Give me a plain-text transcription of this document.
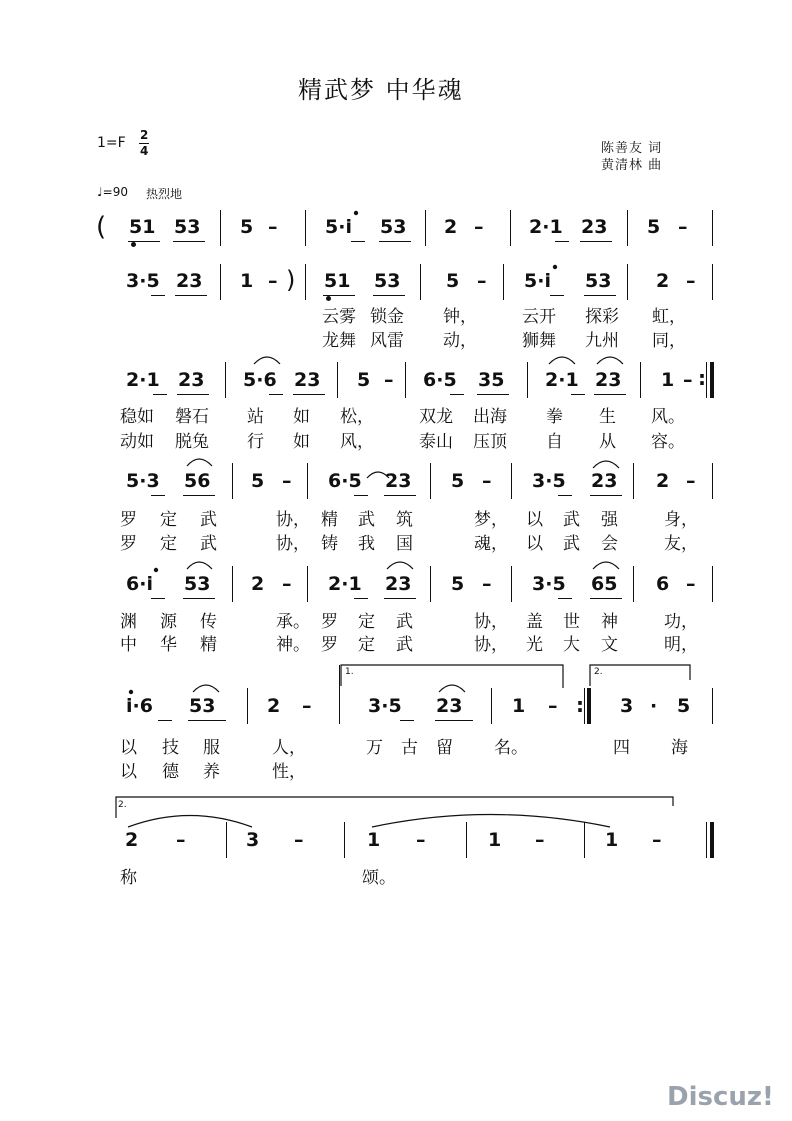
精武梦 中华魂
1=F 2
4	陈善友 词
黄清林 曲
♩=90 热烈地
( 51 53 5 –	5·i 53 2 – 2·1 23 5 –
3·5 23 1 – ) 51 53 5 – 5·i 53 2 –
云雾 锁金 钟，	云开 探彩 虹，
龙舞 风雷 动，	狮舞 九州 同，
2·1 23 5·6 23 5 – 6·5 35 2·1 23 1 – :
稳如 磐石 站 如 松，	双龙 出海 拳 生 风。
动如 脱兔 行 如 风，	泰山 压顶 自 从 容。
5·3 56 5 – 6·5 23 5 – 3·5 23 2 –
罗 定 武	协， 精 武 筑	梦， 以 武 强	身，
罗 定 武	协， 铸 我 国	魂， 以 武 会	友，
6·i 53 2 – 2·1 23 5 – 3·5 65 6 –
渊 源 传	承。 罗 定 武	协， 盖 世 神	功，
中 华 精	神。 罗 定 武	协， 光 大 文	明，
1.	2.
i·6 53	2 –	3·5 23	1 –	3 · 5
:
以 技 服	人，	万 古 留 名。	四 海
以 德 养	性，
2.
2 –	3 –	1 –	1 –	1 –
称	颂。
Discuz!
